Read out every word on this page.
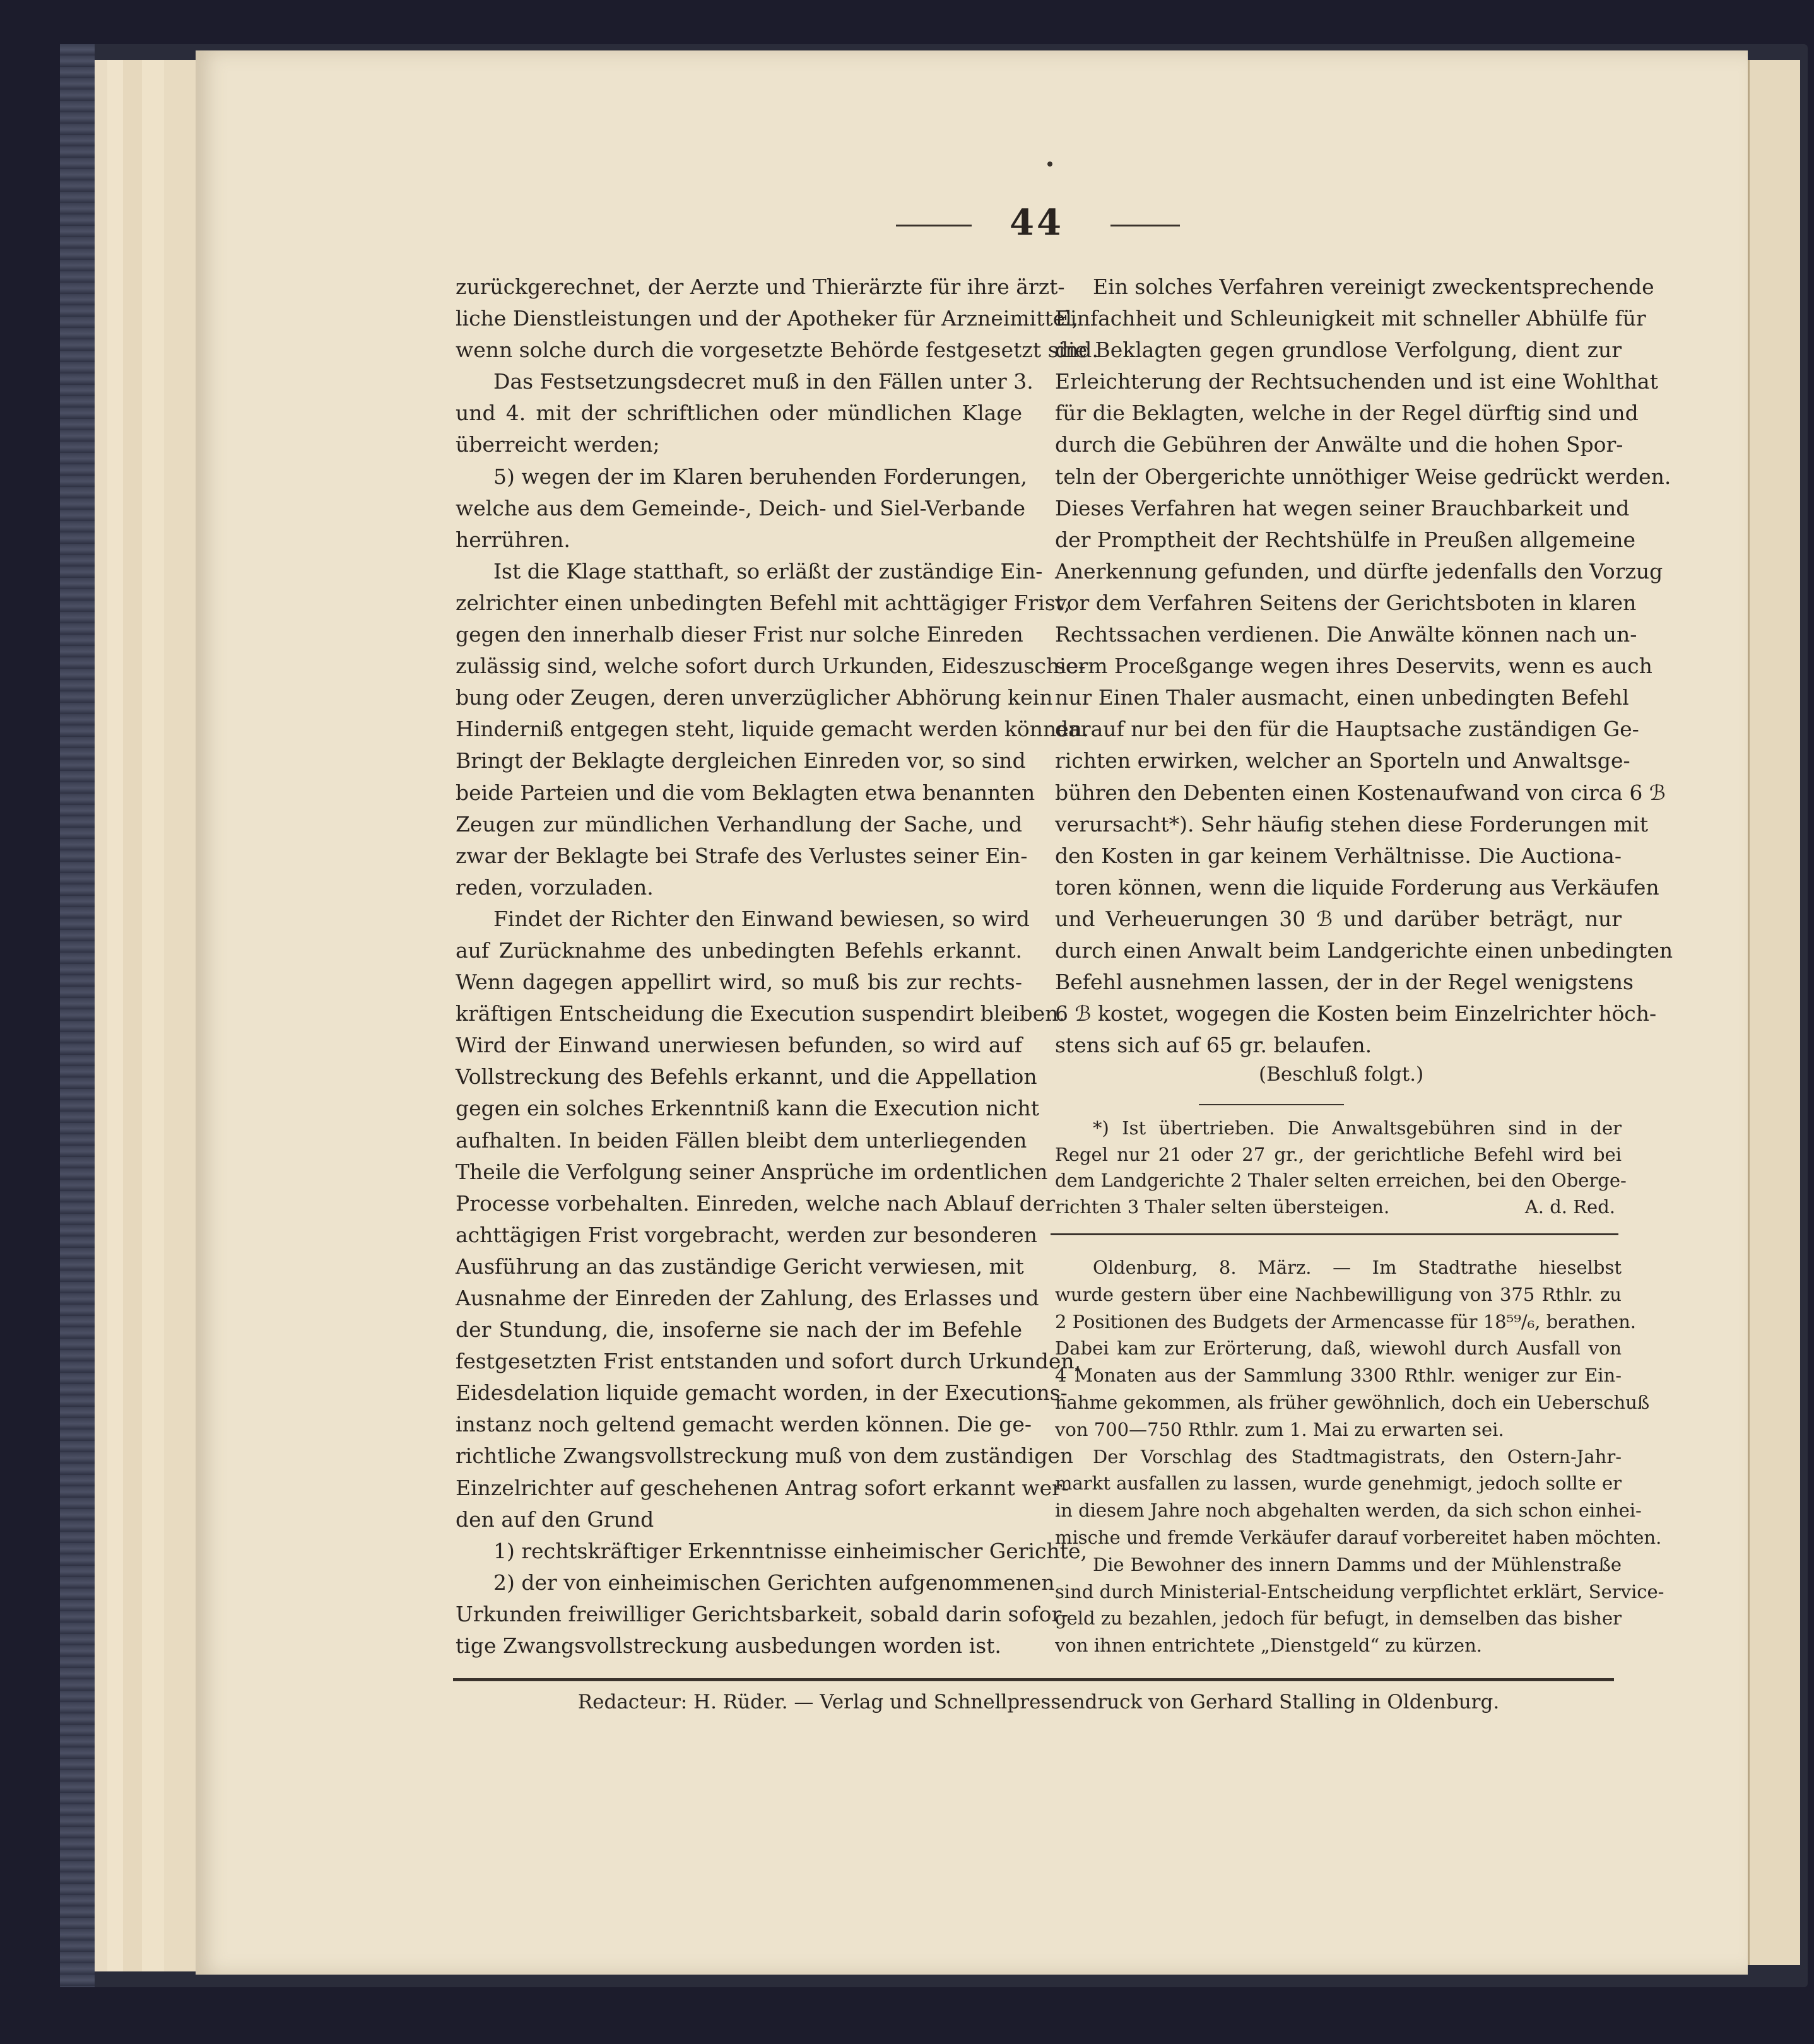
44
zurückgerechnet, der Aerzte und Thierärzte für ihre ärzt-
liche Dienstleistungen und der Apotheker für Arzneimittel,
wenn solche durch die vorgesetzte Behörde festgesetzt sind.
Das Festsetzungsdecret muß in den Fällen unter 3.
und 4. mit der schriftlichen oder mündlichen Klage
überreicht werden;
5) wegen der im Klaren beruhenden Forderungen,
welche aus dem Gemeinde-, Deich- und Siel-Verbande
herrühren.
Ist die Klage statthaft, so erläßt der zuständige Ein-
zelrichter einen unbedingten Befehl mit achttägiger Frist,
gegen den innerhalb dieser Frist nur solche Einreden
zulässig sind, welche sofort durch Urkunden, Eideszuschie-
bung oder Zeugen, deren unverzüglicher Abhörung kein
Hinderniß entgegen steht, liquide gemacht werden können.
Bringt der Beklagte dergleichen Einreden vor, so sind
beide Parteien und die vom Beklagten etwa benannten
Zeugen zur mündlichen Verhandlung der Sache, und
zwar der Beklagte bei Strafe des Verlustes seiner Ein-
reden, vorzuladen.
Findet der Richter den Einwand bewiesen, so wird
auf Zurücknahme des unbedingten Befehls erkannt.
Wenn dagegen appellirt wird, so muß bis zur rechts-
kräftigen Entscheidung die Execution suspendirt bleiben.
Wird der Einwand unerwiesen befunden, so wird auf
Vollstreckung des Befehls erkannt, und die Appellation
gegen ein solches Erkenntniß kann die Execution nicht
aufhalten. In beiden Fällen bleibt dem unterliegenden
Theile die Verfolgung seiner Ansprüche im ordentlichen
Processe vorbehalten. Einreden, welche nach Ablauf der
achttägigen Frist vorgebracht, werden zur besonderen
Ausführung an das zuständige Gericht verwiesen, mit
Ausnahme der Einreden der Zahlung, des Erlasses und
der Stundung, die, insoferne sie nach der im Befehle
festgesetzten Frist entstanden und sofort durch Urkunden,
Eidesdelation liquide gemacht worden, in der Executions-
instanz noch geltend gemacht werden können. Die ge-
richtliche Zwangsvollstreckung muß von dem zuständigen
Einzelrichter auf geschehenen Antrag sofort erkannt wer-
den auf den Grund
1) rechtskräftiger Erkenntnisse einheimischer Gerichte,
2) der von einheimischen Gerichten aufgenommenen
Urkunden freiwilliger Gerichtsbarkeit, sobald darin sofor-
tige Zwangsvollstreckung ausbedungen worden ist.
Ein solches Verfahren vereinigt zweckentsprechende
Einfachheit und Schleunigkeit mit schneller Abhülfe für
die Beklagten gegen grundlose Verfolgung, dient zur
Erleichterung der Rechtsuchenden und ist eine Wohlthat
für die Beklagten, welche in der Regel dürftig sind und
durch die Gebühren der Anwälte und die hohen Spor-
teln der Obergerichte unnöthiger Weise gedrückt werden.
Dieses Verfahren hat wegen seiner Brauchbarkeit und
der Promptheit der Rechtshülfe in Preußen allgemeine
Anerkennung gefunden, und dürfte jedenfalls den Vorzug
vor dem Verfahren Seitens der Gerichtsboten in klaren
Rechtssachen verdienen. Die Anwälte können nach un-
serm Proceßgange wegen ihres Deservits, wenn es auch
nur Einen Thaler ausmacht, einen unbedingten Befehl
darauf nur bei den für die Hauptsache zuständigen Ge-
richten erwirken, welcher an Sporteln und Anwaltsge-
bühren den Debenten einen Kostenaufwand von circa 6 ℬ
verursacht*). Sehr häufig stehen diese Forderungen mit
den Kosten in gar keinem Verhältnisse. Die Auctiona-
toren können, wenn die liquide Forderung aus Verkäufen
und Verheuerungen 30 ℬ und darüber beträgt, nur
durch einen Anwalt beim Landgerichte einen unbedingten
Befehl ausnehmen lassen, der in der Regel wenigstens
6 ℬ kostet, wogegen die Kosten beim Einzelrichter höch-
stens sich auf 65 gr. belaufen.
(Beschluß folgt.)
*) Ist übertrieben. Die Anwaltsgebühren sind in der
Regel nur 21 oder 27 gr., der gerichtliche Befehl wird bei
dem Landgerichte 2 Thaler selten erreichen, bei den Oberge-
richten 3 Thaler selten übersteigen.	A. d. Red.
Oldenburg, 8. März. — Im Stadtrathe hieselbst
wurde gestern über eine Nachbewilligung von 375 Rthlr. zu
2 Positionen des Budgets der Armencasse für 18⁵⁹/₆, berathen.
Dabei kam zur Erörterung, daß, wiewohl durch Ausfall von
4 Monaten aus der Sammlung 3300 Rthlr. weniger zur Ein-
nahme gekommen, als früher gewöhnlich, doch ein Ueberschuß
von 700—750 Rthlr. zum 1. Mai zu erwarten sei.
Der Vorschlag des Stadtmagistrats, den Ostern-Jahr-
markt ausfallen zu lassen, wurde genehmigt, jedoch sollte er
in diesem Jahre noch abgehalten werden, da sich schon einhei-
mische und fremde Verkäufer darauf vorbereitet haben möchten.
Die Bewohner des innern Damms und der Mühlenstraße
sind durch Ministerial-Entscheidung verpflichtet erklärt, Service-
geld zu bezahlen, jedoch für befugt, in demselben das bisher
von ihnen entrichtete „Dienstgeld“ zu kürzen.
Redacteur: H. Rüder. — Verlag und Schnellpressendruck von Gerhard Stalling in Oldenburg.
